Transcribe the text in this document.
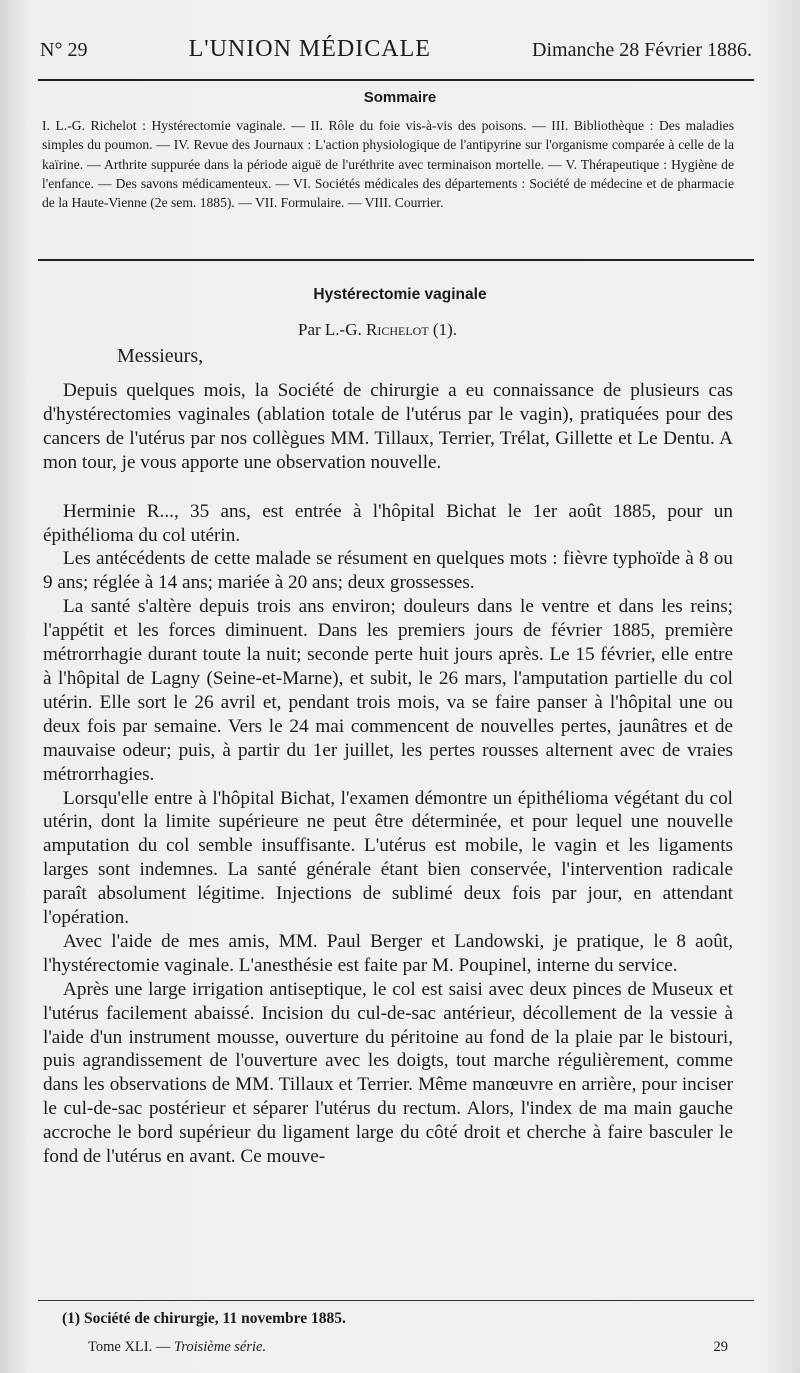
N° 29	L'UNION MÉDICALE	Dimanche 28 Février 1886.
Sommaire
I. L.-G. Richelot : Hystérectomie vaginale. — II. Rôle du foie vis-à-vis des poisons. — III. Bibliothèque : Des maladies simples du poumon. — IV. Revue des Journaux : L'action physiologique de l'antipyrine sur l'organisme comparée à celle de la kaïrine. — Arthrite suppurée dans la période aiguë de l'uréthrite avec terminaison mortelle. — V. Thérapeutique : Hygiène de l'enfance. — Des savons médicamenteux. — VI. Sociétés médicales des départements : Société de médecine et de pharmacie de la Haute-Vienne (2e sem. 1885). — VII. Formulaire. — VIII. Courrier.
Hystérectomie vaginale
Par L.-G. Richelot (1).
Messieurs,

Depuis quelques mois, la Société de chirurgie a eu connaissance de plusieurs cas d'hystérectomies vaginales (ablation totale de l'utérus par le vagin), pratiquées pour des cancers de l'utérus par nos collègues MM. Tillaux, Terrier, Trélat, Gillette et Le Dentu. A mon tour, je vous apporte une observation nouvelle.

Herminie R..., 35 ans, est entrée à l'hôpital Bichat le 1er août 1885, pour un épithélioma du col utérin.

Les antécédents de cette malade se résument en quelques mots : fièvre typhoïde à 8 ou 9 ans; réglée à 14 ans; mariée à 20 ans; deux grossesses.

La santé s'altère depuis trois ans environ; douleurs dans le ventre et dans les reins; l'appétit et les forces diminuent. Dans les premiers jours de février 1885, première métrorrhagie durant toute la nuit; seconde perte huit jours après. Le 15 février, elle entre à l'hôpital de Lagny (Seine-et-Marne), et subit, le 26 mars, l'amputation partielle du col utérin. Elle sort le 26 avril et, pendant trois mois, va se faire panser à l'hôpital une ou deux fois par semaine. Vers le 24 mai commencent de nouvelles pertes, jaunâtres et de mauvaise odeur; puis, à partir du 1er juillet, les pertes rousses alternent avec de vraies métrorrhagies.

Lorsqu'elle entre à l'hôpital Bichat, l'examen démontre un épithélioma végétant du col utérin, dont la limite supérieure ne peut être déterminée, et pour lequel une nouvelle amputation du col semble insuffisante. L'utérus est mobile, le vagin et les ligaments larges sont indemnes. La santé générale étant bien conservée, l'intervention radicale paraît absolument légitime. Injections de sublimé deux fois par jour, en attendant l'opération.

Avec l'aide de mes amis, MM. Paul Berger et Landowski, je pratique, le 8 août, l'hystérectomie vaginale. L'anesthésie est faite par M. Poupinel, interne du service.

Après une large irrigation antiseptique, le col est saisi avec deux pinces de Museux et l'utérus facilement abaissé. Incision du cul-de-sac antérieur, décollement de la vessie à l'aide d'un instrument mousse, ouverture du péritoine au fond de la plaie par le bistouri, puis agrandissement de l'ouverture avec les doigts, tout marche régulièrement, comme dans les observations de MM. Tillaux et Terrier. Même manœuvre en arrière, pour inciser le cul-de-sac postérieur et séparer l'utérus du rectum. Alors, l'index de ma main gauche accroche le bord supérieur du ligament large du côté droit et cherche à faire basculer le fond de l'utérus en avant. Ce mouve-

(1) Société de chirurgie, 11 novembre 1885.
Tome XLI. — Troisième série.	29
